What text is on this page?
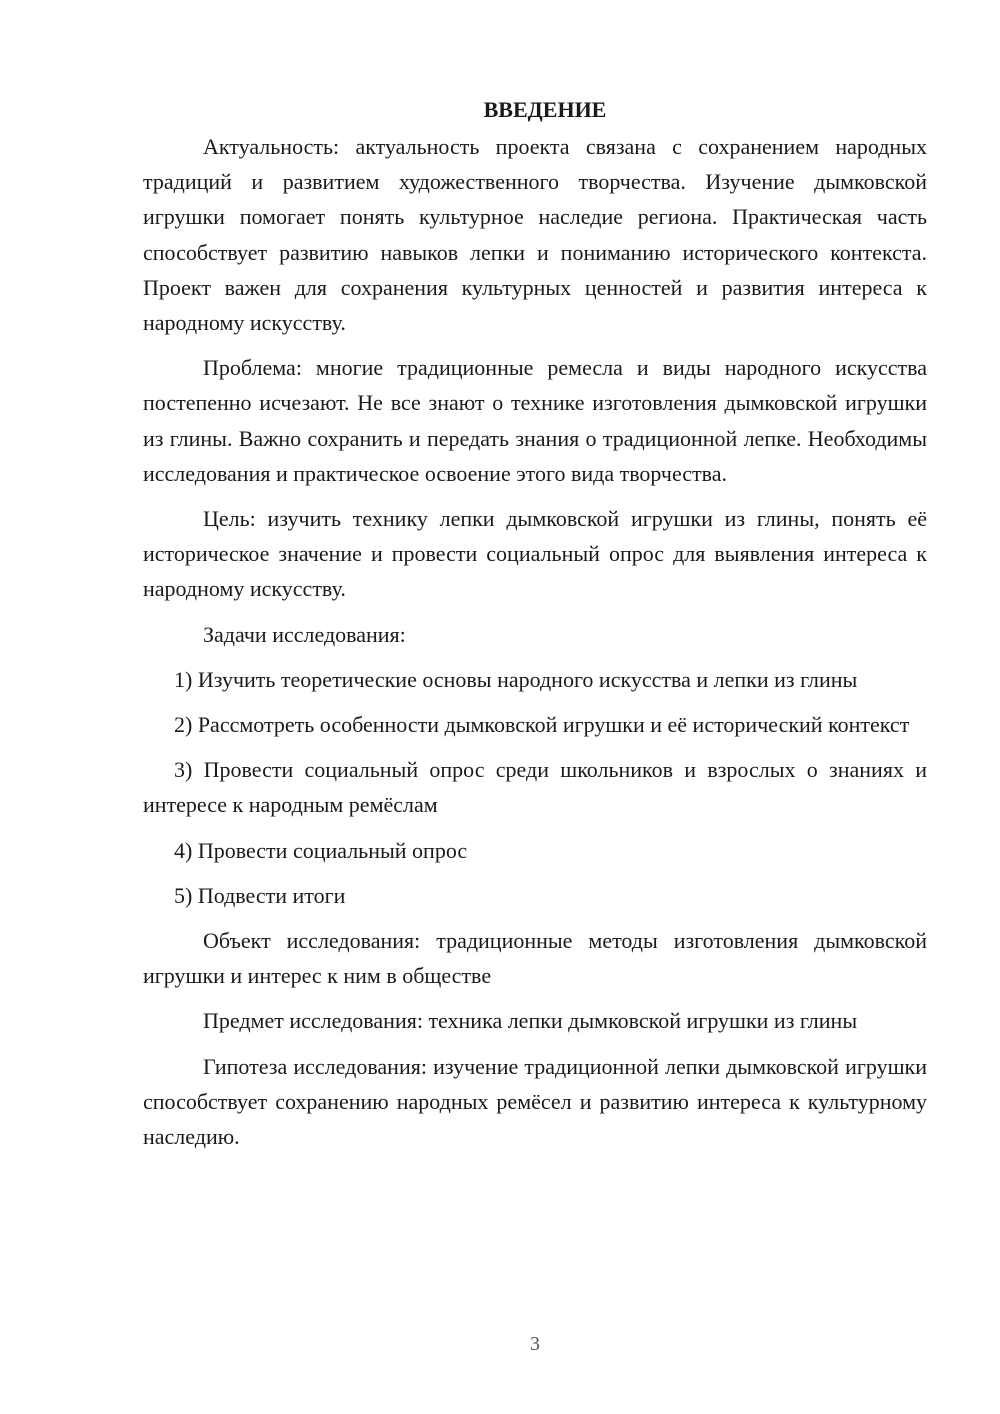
ВВЕДЕНИЕ

Актуальность: актуальность проекта связана с сохранением народных традиций и развитием художественного творчества. Изучение дымковской игрушки помогает понять культурное наследие региона. Практическая часть способствует развитию навыков лепки и пониманию исторического контекста. Проект важен для сохранения культурных ценностей и развития интереса к народному искусству.

Проблема: многие традиционные ремесла и виды народного искусства постепенно исчезают. Не все знают о технике изготовления дымковской игрушки из глины. Важно сохранить и передать знания о традиционной лепке. Необходимы исследования и практическое освоение этого вида творчества.

Цель: изучить технику лепки дымковской игрушки из глины, понять её историческое значение и провести социальный опрос для выявления интереса к народному искусству.

Задачи исследования:

1) Изучить теоретические основы народного искусства и лепки из глины

2) Рассмотреть особенности дымковской игрушки и её исторический контекст

3) Провести социальный опрос среди школьников и взрослых о знаниях и интересе к народным ремёслам

4) Провести социальный опрос

5) Подвести итоги

Объект исследования: традиционные методы изготовления дымковской игрушки и интерес к ним в обществе

Предмет исследования: техника лепки дымковской игрушки из глины

Гипотеза исследования: изучение традиционной лепки дымковской игрушки способствует сохранению народных ремёсел и развитию интереса к культурному наследию.

3
